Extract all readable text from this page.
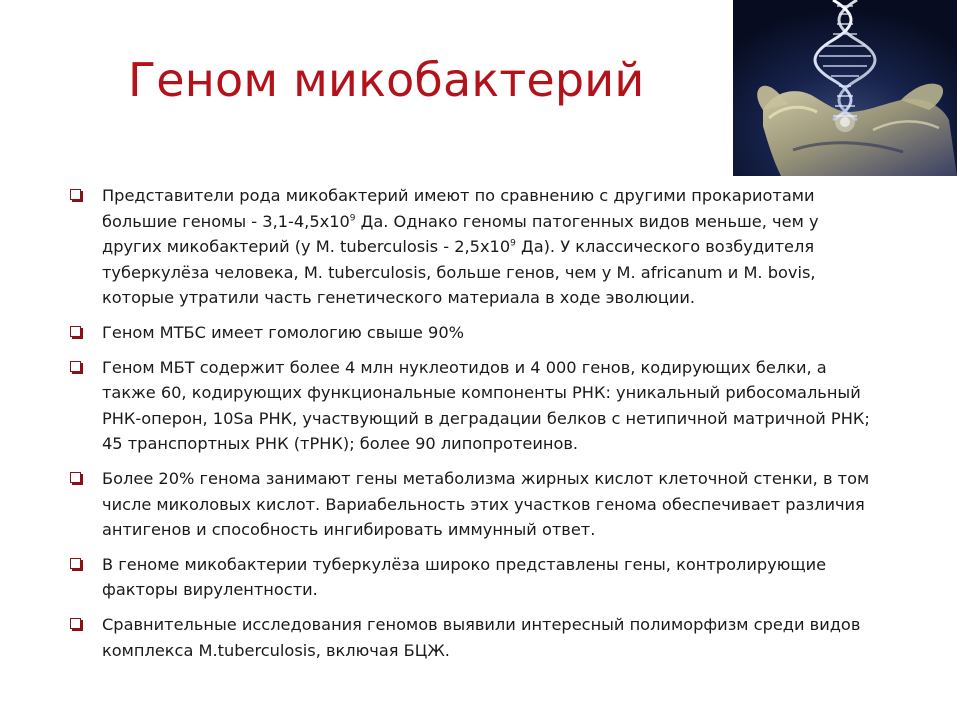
Геном микобактерий
Представители рода микобактерий имеют по сравнению с другими прокариотами
большие геномы - $3,1-4,5х10^9$ Да. Однако геномы патогенных видов меньше, чем у
других микобактерий (у M. tuberculosis - $2,5х10^9$ Да). У классического возбудителя
туберкулёза человека, M. tuberculosis, больше генов, чем у M. africanum и M. bovis,
которые утратили часть генетического материала в ходе эволюции.
Геном МТБС имеет гомологию свыше 90%
Геном МБТ содержит более 4 млн нуклеотидов и 4 000 генов, кодирующих белки, а
также 60, кодирующих функциональные компоненты РНК: уникальный рибосомальный
РНК-оперон, 10Sa РНК, участвующий в деградации белков с нетипичной матричной РНК;
45 транспортных РНК (тРНК); более 90 липопротеинов.
Более 20% генома занимают гены метаболизма жирных кислот клеточной стенки, в том
числе миколовых кислот. Вариабельность этих участков генома обеспечивает различия
антигенов и способность ингибировать иммунный ответ.
В геноме микобактерии туберкулёза широко представлены гены, контролирующие
факторы вирулентности.
Сравнительные исследования геномов выявили интересный полиморфизм среди видов
комплекса M.tuberculosis, включая БЦЖ.
